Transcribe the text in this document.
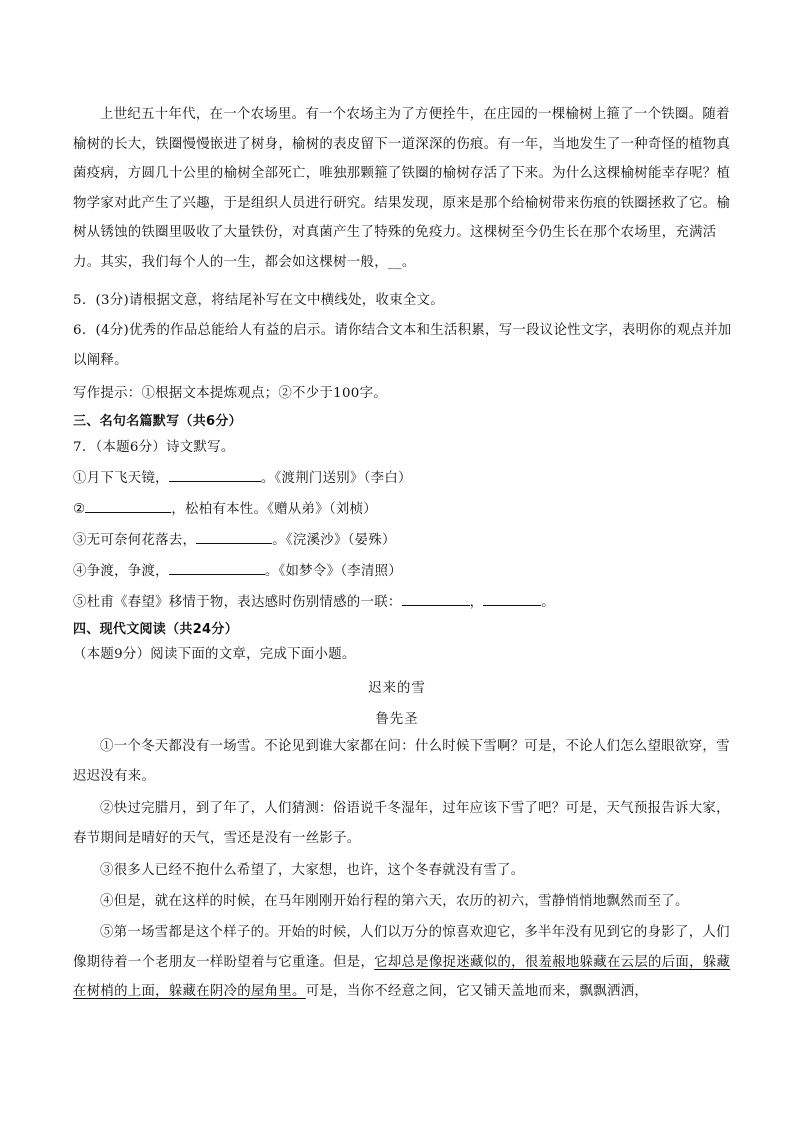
上世纪五十年代，在一个农场里。有一个农场主为了方便拴牛，在庄园的一棵榆树上箍了一个铁圈。随着榆树的长大，铁圈慢慢嵌进了树身，榆树的表皮留下一道深深的伤痕。有一年，当地发生了一种奇怪的植物真菌疫病，方圆几十公里的榆树全部死亡，唯独那颗箍了铁圈的榆树存活了下来。为什么这棵榆树能幸存呢？植物学家对此产生了兴趣，于是组织人员进行研究。结果发现，原来是那个给榆树带来伤痕的铁圈拯救了它。榆树从锈蚀的铁圈里吸收了大量铁份，对真菌产生了特殊的免疫力。这棵树至今仍生长在那个农场里，充满活力。其实，我们每个人的一生，都会如这棵树一般，__。

5．(3分)请根据文意，将结尾补写在文中横线处，收束全文。

6．(4分)优秀的作品总能给人有益的启示。请你结合文本和生活积累，写一段议论性文字，表明你的观点并加以阐释。

写作提示：①根据文本提炼观点；②不少于100字。

三、名句名篇默写（共6分）

7．（本题6分）诗文默写。

①月下飞天镜，	。《渡荆门送别》（李白）

②	，松柏有本性。《赠从弟》（刘桢）

③无可奈何花落去，	。《浣溪沙》（晏殊）

④争渡，争渡，	。《如梦令》（李清照）

⑤杜甫《春望》移情于物，表达感时伤别情感的一联：	，	。

四、现代文阅读（共24分）

（本题9分）阅读下面的文章，完成下面小题。

迟来的雪
鲁先圣

①一个冬天都没有一场雪。不论见到谁大家都在问：什么时候下雪啊？可是，不论人们怎么望眼欲穿，雪迟迟没有来。

②快过完腊月，到了年了，人们猜测：俗语说千冬湿年，过年应该下雪了吧？可是，天气预报告诉大家，春节期间是晴好的天气，雪还是没有一丝影子。

③很多人已经不抱什么希望了，大家想，也许，这个冬春就没有雪了。

④但是，就在这样的时候，在马年刚刚开始行程的第六天，农历的初六，雪静悄悄地飘然而至了。

⑤第一场雪都是这个样子的。开始的时候，人们以万分的惊喜欢迎它，多半年没有见到它的身影了，人们像期待着一个老朋友一样盼望着与它重逢。但是，它却总是像捉迷藏似的，很羞赧地躲藏在云层的后面，躲藏在树梢的上面，躲藏在阴冷的屋角里。可是，当你不经意之间，它又铺天盖地而来，飘飘洒洒，
